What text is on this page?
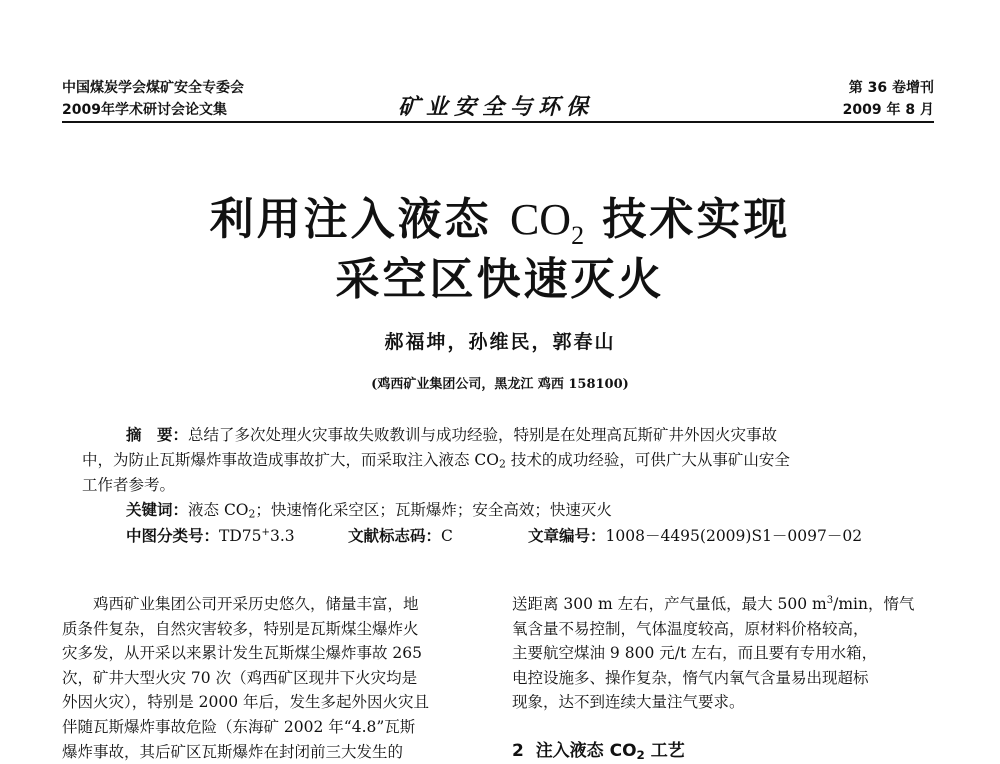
中国煤炭学会煤矿安全专委会
2009年学术研讨会论文集	矿业安全与环保
第 36 卷增刊
2009 年 8 月
利用注入液态 $CO_2$ 技术实现
采空区快速灭火
郝福坤，孙维民，郭春山
(鸡西矿业集团公司，黑龙江 鸡西 158100)
摘　要：总结了多次处理火灾事故失败教训与成功经验，特别是在处理高瓦斯矿井外因火灾事故
中，为防止瓦斯爆炸事故造成事故扩大，而采取注入液态 $CO_2$ 技术的成功经验，可供广大从事矿山安全
工作者参考。
关键词：液态 $CO_2$；快速惰化采空区；瓦斯爆炸；安全高效；快速灭火
中图分类号：TD75+3.3	文献标志码：C	文章编号：1008－4495(2009)S1－0097－02
　　鸡西矿业集团公司开采历史悠久，储量丰富，地
质条件复杂，自然灾害较多，特别是瓦斯煤尘爆炸火
灾多发，从开采以来累计发生瓦斯煤尘爆炸事故 265
次，矿井大型火灾 70 次（鸡西矿区现井下火灾均是
外因火灾），特别是 2000 年后，发生多起外因火灾且
伴随瓦斯爆炸事故危险（东海矿 2002 年“4.8”瓦斯
爆炸事故，其后矿区瓦斯爆炸在封闭前三大发生的
送距离 300 m 左右，产气量低，最大 500 $m^3/\min$，惰气
氧含量不易控制，气体温度较高，原材料价格较高，
主要航空煤油 9 800 元/t 左右，而且要有专用水箱，
电控设施多、操作复杂，惰气内氧气含量易出现超标
现象，达不到连续大量注气要求。
2 注入液态 $CO_2$ 工艺
